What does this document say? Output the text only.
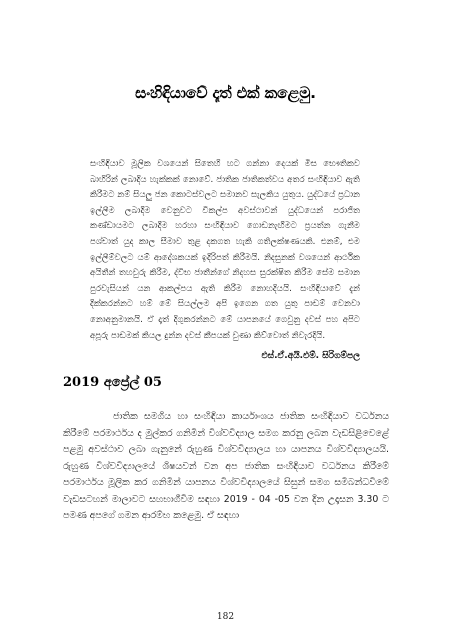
සංහිඳියාවේ දෑත් එක් කළෙමු.

සංහිඳියාව මූලික වශයෙන් සිතෙහි හට ගන්නා දෙයක් මිස භෞතිකව බාහිරින් ලබාදිය හැක්කක් නොවේ. ජාතික ජාතිකත්වය අතර සංහිඳියාව ඇති කිරීමට නම් සියලු ජන කොටස්වලට සමානව සැලකිය යුතුය. යුද්ධයේ ප්‍රධාන ඉල්ලීම ලබාදීම වෙනුවට විකල්ප අවස්ථාවන් යුද්ධයෙන් පරාජිත කණ්ඩායමට ලබාදීම හරහා සංහිඳියාව ගොඩනැඟීමට ප්‍රයත්න ගැනීම පශ්චාත් යුද කාල සීමාව තුළ දකගත හැකි ගතිලක්ෂණයකි. එනම්, එම ඉල්ලීම්වලට යම් ආදේශකයක් ඉදිරිපත් කිරීමයි. නිදසුනක් වශයෙන් ආර්ථික අයිතීන් තහවුරු කිරීම, ද්විභ ජාතීන්ගේ නිදහස සුරක්ෂිත කිරීම සේම සමාන පුරවැසියන් යන ආකල්පය ඇති කිරීම නොහදියයි. සංහිඳියාවේ දැන් දික්කරන්නට හම් මේ සියල්ලම අපි ඉගෙන ගත යුතු පාඩම් වෙනවා නොඅනුමානයි. ඒ දෑත් දිගුකරන්නට මේ යාපනයේ ගෙවුනු දවස් පහ අපිට අපූරු පාඩමක් කියල දුන්න දවස් කීපයක් වුණා කිව්වොත් නිවැරදියි.

එස්.ඒ.අයි.එම්. සිරිගම්පල
2019 අප්‍රේල් 05

ජාතික සමගිය හා සංහිඳියා කාර්යාංශය ජාතික සංහිඳියාව වර්ධනය කිරීමේ පරමාර්ථය ද මුල්කර ගනිමින් විශ්වවිද්‍යාල සමග කරනු ලබන වැඩසිළිවෙළේ පළමු අවස්ථාව ලබා ගැනුනේ රුහුණ විශ්වවිද්‍යාලය හා යාපනය විශ්වවිද්‍යාලයයි. රුහුණ විශ්වවිද්‍යාලයේ ශිෂයවන් වන අප ජාතික සංහිඳියාව වර්ධනය කිරීමේ පරමාර්ථය මූලික කර ගනිමින් යාපනය විශ්වවිද්‍යාලයේ සිසුන් සමග සමිබන්ධවීමේ වැඩසටහන් මාලාවට සහභාගීවීම සඳහා 2019 - 04 -05 වන දින උදෑසන 3.30 ට පමණ අපගේ ගමන ආරම්භ කළෙමු. ඒ සඳහා

182
